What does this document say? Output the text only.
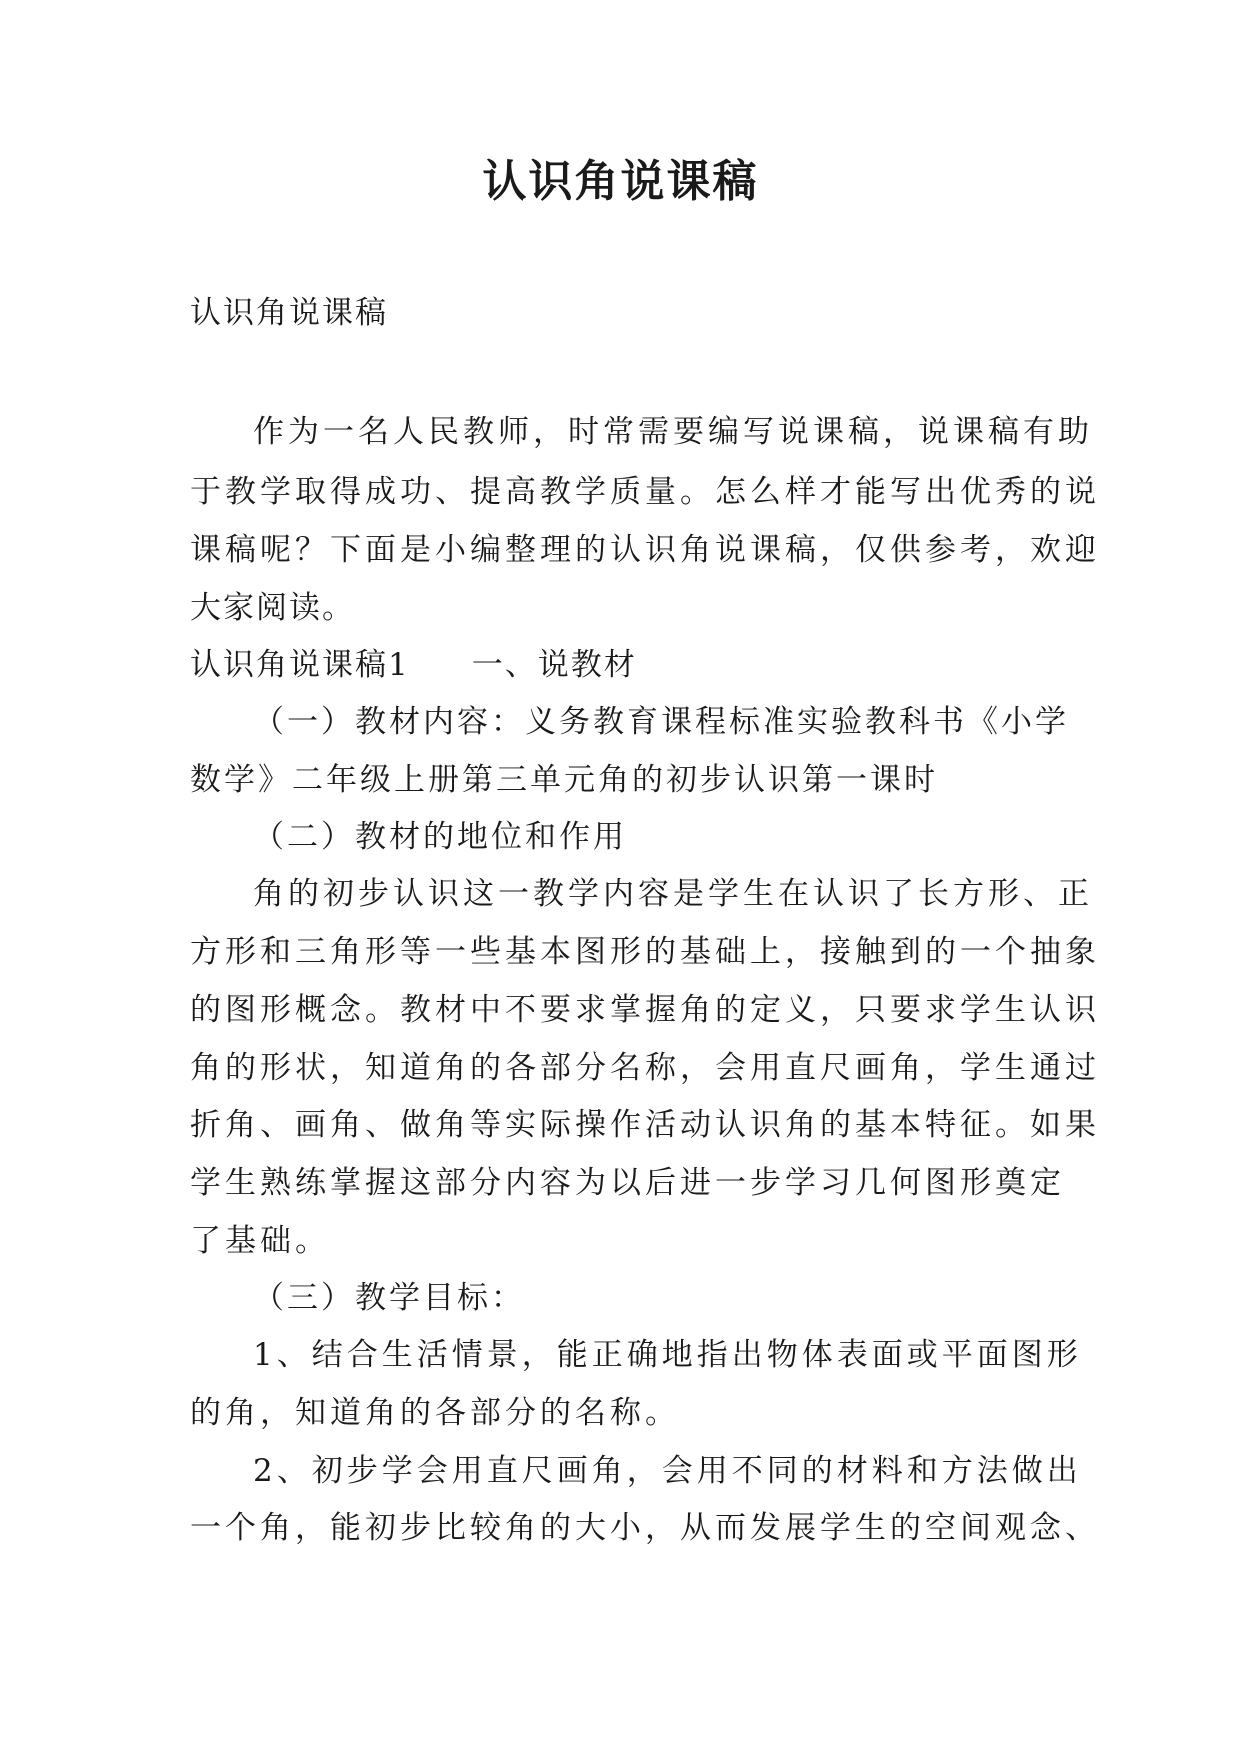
认识角说课稿

认识角说课稿

作为一名人民教师，时常需要编写说课稿，说课稿有助

于教学取得成功、提高教学质量。怎么样才能写出优秀的说

课稿呢？下面是小编整理的认识角说课稿，仅供参考，欢迎

大家阅读。

认识角说课稿1 一、说教材

（一）教材内容：义务教育课程标准实验教科书《小学

数学》二年级上册第三单元角的初步认识第一课时

（二）教材的地位和作用

角的初步认识这一教学内容是学生在认识了长方形、正

方形和三角形等一些基本图形的基础上，接触到的一个抽象

的图形概念。教材中不要求掌握角的定义，只要求学生认识

角的形状，知道角的各部分名称，会用直尺画角，学生通过

折角、画角、做角等实际操作活动认识角的基本特征。如果

学生熟练掌握这部分内容为以后进一步学习几何图形奠定

了基础。

（三）教学目标：

1、结合生活情景，能正确地指出物体表面或平面图形

的角，知道角的各部分的名称。

2、初步学会用直尺画角，会用不同的材料和方法做出

一个角，能初步比较角的大小，从而发展学生的空间观念、
